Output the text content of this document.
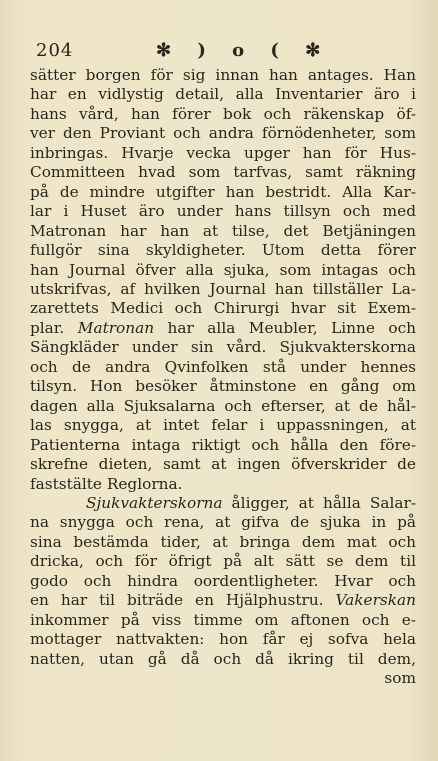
204	✻ ) o ( ✻
sätter borgen för sig innan han antages. Han
har en vidlystig detail, alla Inventarier äro i
hans vård, han förer bok och räkenskap öf-
ver den Proviant och andra förnödenheter, som
inbringas. Hvarje vecka upger han för Hus-
Committeen hvad som tarfvas, samt räkning
på de mindre utgifter han bestridt. Alla Kar-
lar i Huset äro under hans tillsyn och med
Matronan har han at tilse, det Betjäningen
fullgör sina skyldigheter. Utom detta förer
han Journal öfver alla sjuka, som intagas och
utskrifvas, af hvilken Journal han tillställer La-
zarettets Medici och Chirurgi hvar sit Exem-
plar. Matronan har alla Meubler, Linne och
Sängkläder under sin vård. Sjukvakterskorna
och de andra Qvinfolken stå under hennes
tilsyn. Hon besöker åtminstone en gång om
dagen alla Sjuksalarna och efterser, at de hål-
las snygga, at intet felar i uppassningen, at
Patienterna intaga riktigt och hålla den före-
skrefne dieten, samt at ingen öfverskrider de
faststälte Reglorna.
Sjukvakterskorna åligger, at hålla Salar-
na snygga och rena, at gifva de sjuka in på
sina bestämda tider, at bringa dem mat och
dricka, och för öfrigt på alt sätt se dem til
godo och hindra oordentligheter. Hvar och
en har til biträde en Hjälphustru. Vakerskan
inkommer på viss timme om aftonen och e-
mottager nattvakten: hon får ej sofva hela
natten, utan gå då och då ikring til dem,
som
